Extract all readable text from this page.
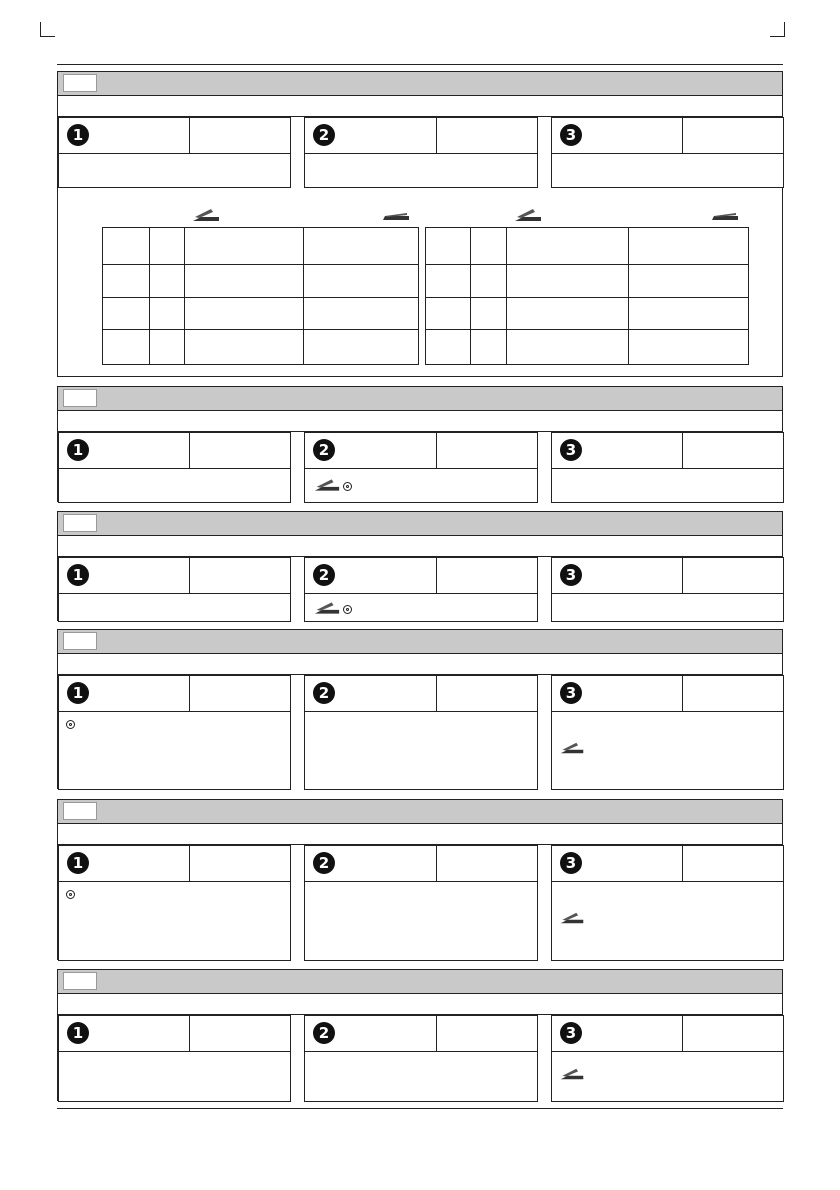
1	2	3

1	2	3
1	2	3
1	2	3
1	2	3
1	2	3
